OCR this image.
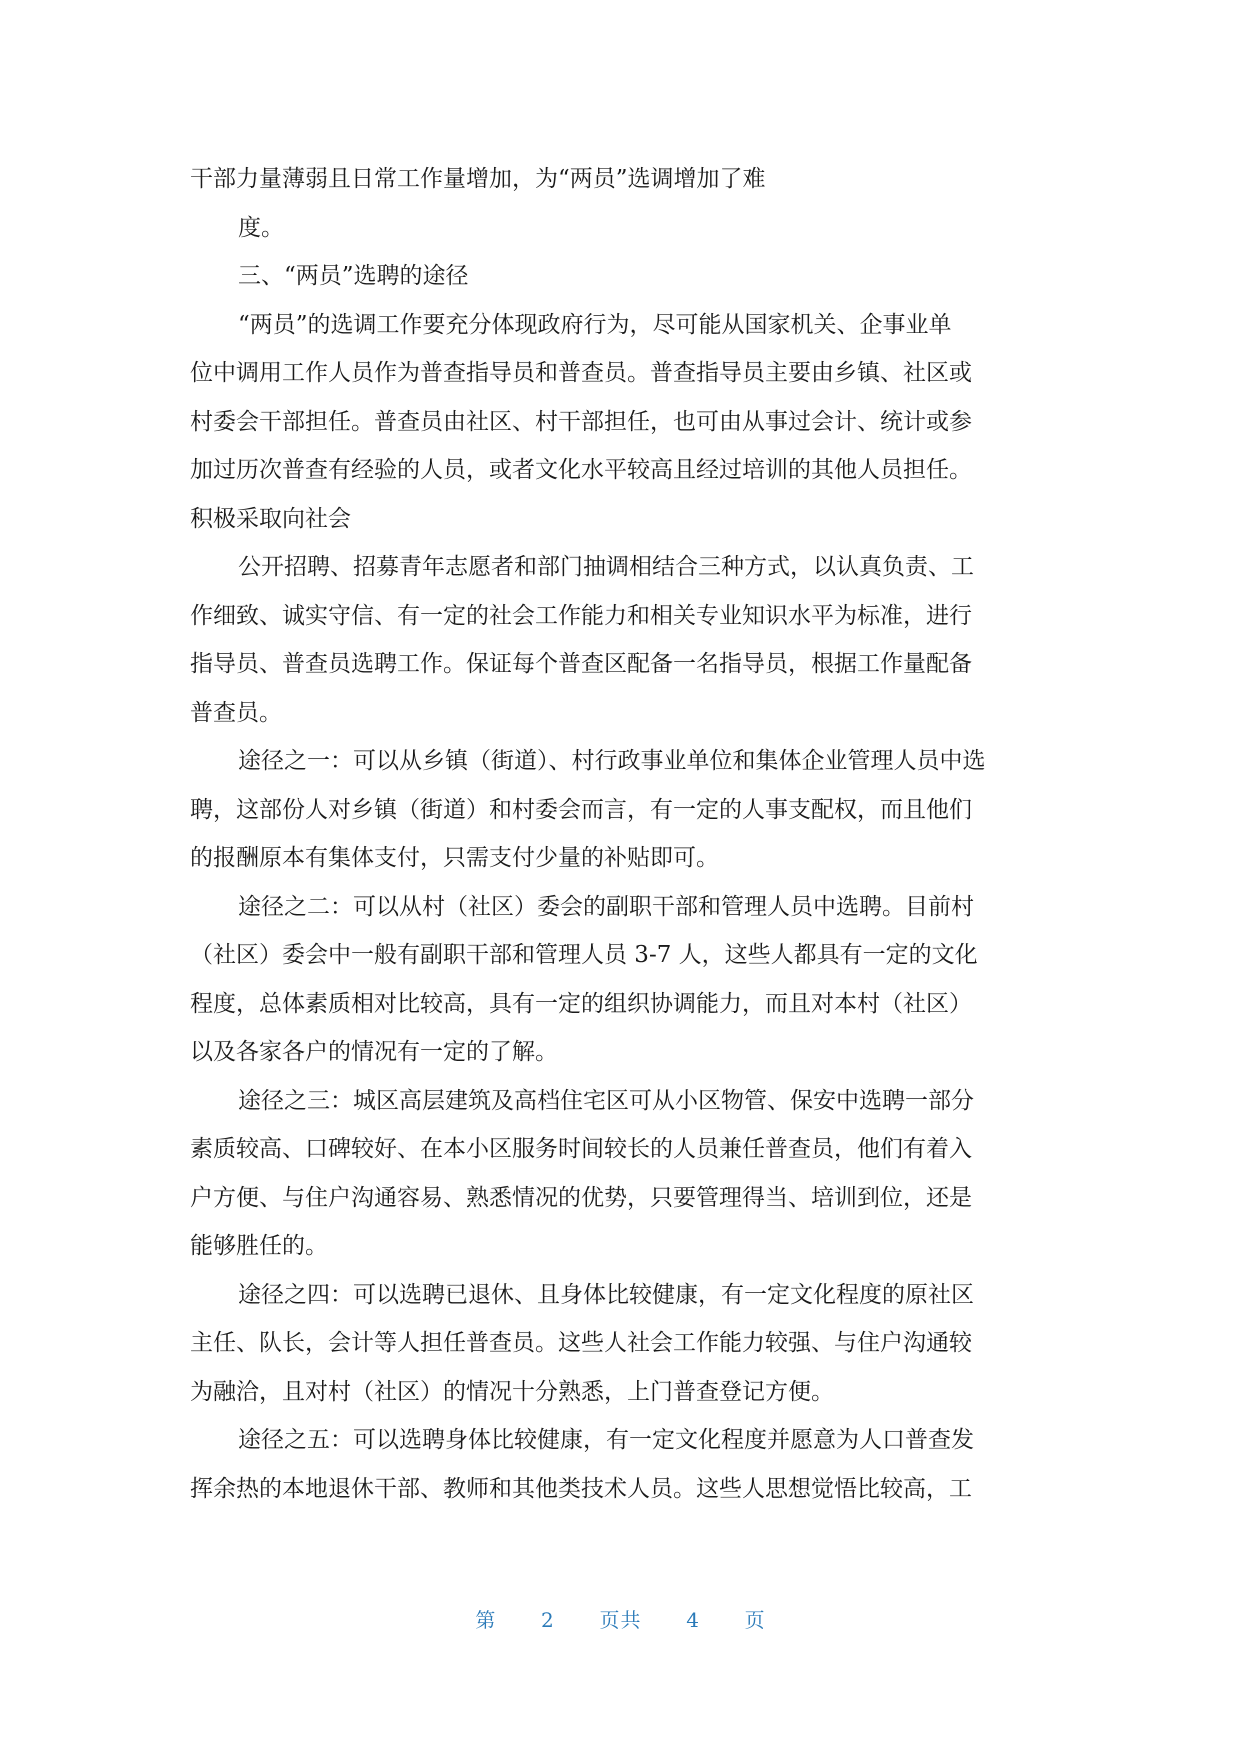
干部力量薄弱且日常工作量增加，为“两员”选调增加了难

度。

三、“两员”选聘的途径

“两员”的选调工作要充分体现政府行为，尽可能从国家机关、企事业单

位中调用工作人员作为普查指导员和普查员。普查指导员主要由乡镇、社区或

村委会干部担任。普查员由社区、村干部担任，也可由从事过会计、统计或参

加过历次普查有经验的人员，或者文化水平较高且经过培训的其他人员担任。

积极采取向社会

公开招聘、招募青年志愿者和部门抽调相结合三种方式，以认真负责、工

作细致、诚实守信、有一定的社会工作能力和相关专业知识水平为标准，进行

指导员、普查员选聘工作。保证每个普查区配备一名指导员，根据工作量配备

普查员。

途径之一：可以从乡镇（街道）、村行政事业单位和集体企业管理人员中选

聘，这部份人对乡镇（街道）和村委会而言，有一定的人事支配权，而且他们

的报酬原本有集体支付，只需支付少量的补贴即可。

途径之二：可以从村（社区）委会的副职干部和管理人员中选聘。目前村

（社区）委会中一般有副职干部和管理人员 3-7 人，这些人都具有一定的文化

程度，总体素质相对比较高，具有一定的组织协调能力，而且对本村（社区）

以及各家各户的情况有一定的了解。

途径之三：城区高层建筑及高档住宅区可从小区物管、保安中选聘一部分

素质较高、口碑较好、在本小区服务时间较长的人员兼任普查员，他们有着入

户方便、与住户沟通容易、熟悉情况的优势，只要管理得当、培训到位，还是

能够胜任的。

途径之四：可以选聘已退休、且身体比较健康，有一定文化程度的原社区

主任、队长，会计等人担任普查员。这些人社会工作能力较强、与住户沟通较

为融洽，且对村（社区）的情况十分熟悉，上门普查登记方便。

途径之五：可以选聘身体比较健康，有一定文化程度并愿意为人口普查发

挥余热的本地退休干部、教师和其他类技术人员。这些人思想觉悟比较高，工

第 2 页共 4 页
